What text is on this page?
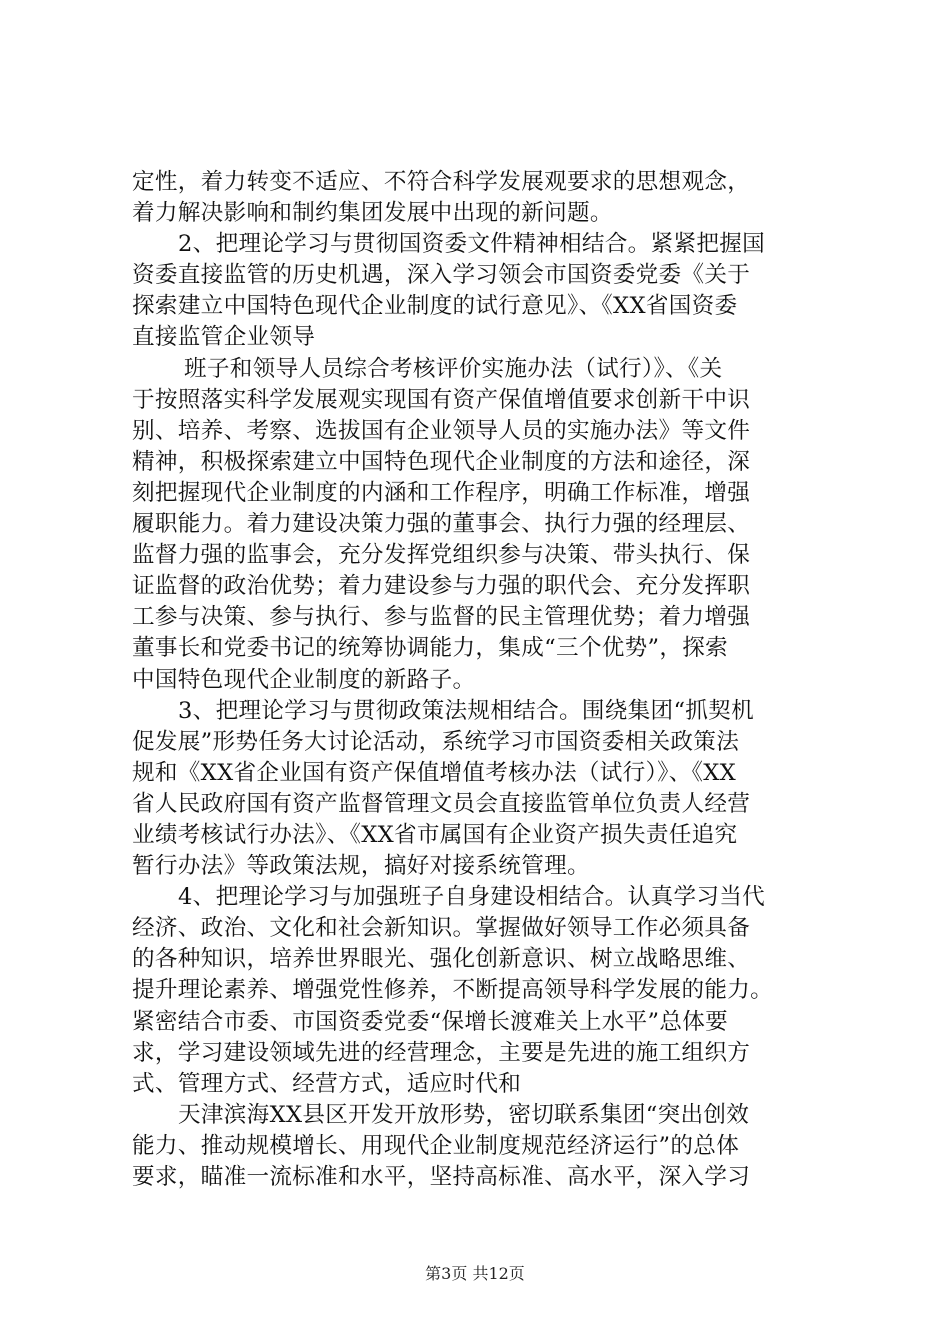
定性，着力转变不适应、不符合科学发展观要求的思想观念，
着力解决影响和制约集团发展中出现的新问题。
2、把理论学习与贯彻国资委文件精神相结合。紧紧把握国
资委直接监管的历史机遇，深入学习领会市国资委党委《关于
探索建立中国特色现代企业制度的试行意见》、《XX省国资委
直接监管企业领导
班子和领导人员综合考核评价实施办法（试行）》、《关
于按照落实科学发展观实现国有资产保值增值要求创新干中识
别、培养、考察、选拔国有企业领导人员的实施办法》等文件
精神，积极探索建立中国特色现代企业制度的方法和途径，深
刻把握现代企业制度的内涵和工作程序，明确工作标准，增强
履职能力。着力建设决策力强的董事会、执行力强的经理层、
监督力强的监事会，充分发挥党组织参与决策、带头执行、保
证监督的政治优势；着力建设参与力强的职代会、充分发挥职
工参与决策、参与执行、参与监督的民主管理优势；着力增强
董事长和党委书记的统筹协调能力，集成“三个优势”，探索
中国特色现代企业制度的新路子。
3、把理论学习与贯彻政策法规相结合。围绕集团“抓契机
促发展”形势任务大讨论活动，系统学习市国资委相关政策法
规和《XX省企业国有资产保值增值考核办法（试行）》、《XX
省人民政府国有资产监督管理文员会直接监管单位负责人经营
业绩考核试行办法》、《XX省市属国有企业资产损失责任追究
暂行办法》等政策法规，搞好对接系统管理。
4、把理论学习与加强班子自身建设相结合。认真学习当代
经济、政治、文化和社会新知识。掌握做好领导工作必须具备
的各种知识，培养世界眼光、强化创新意识、树立战略思维、
提升理论素养、增强党性修养，不断提高领导科学发展的能力。
紧密结合市委、市国资委党委“保增长渡难关上水平”总体要
求，学习建设领域先进的经营理念，主要是先进的施工组织方
式、管理方式、经营方式，适应时代和
天津滨海XX县区开发开放形势，密切联系集团“突出创效
能力、推动规模增长、用现代企业制度规范经济运行”的总体
要求，瞄准一流标准和水平，坚持高标准、高水平，深入学习
第3页 共12页
